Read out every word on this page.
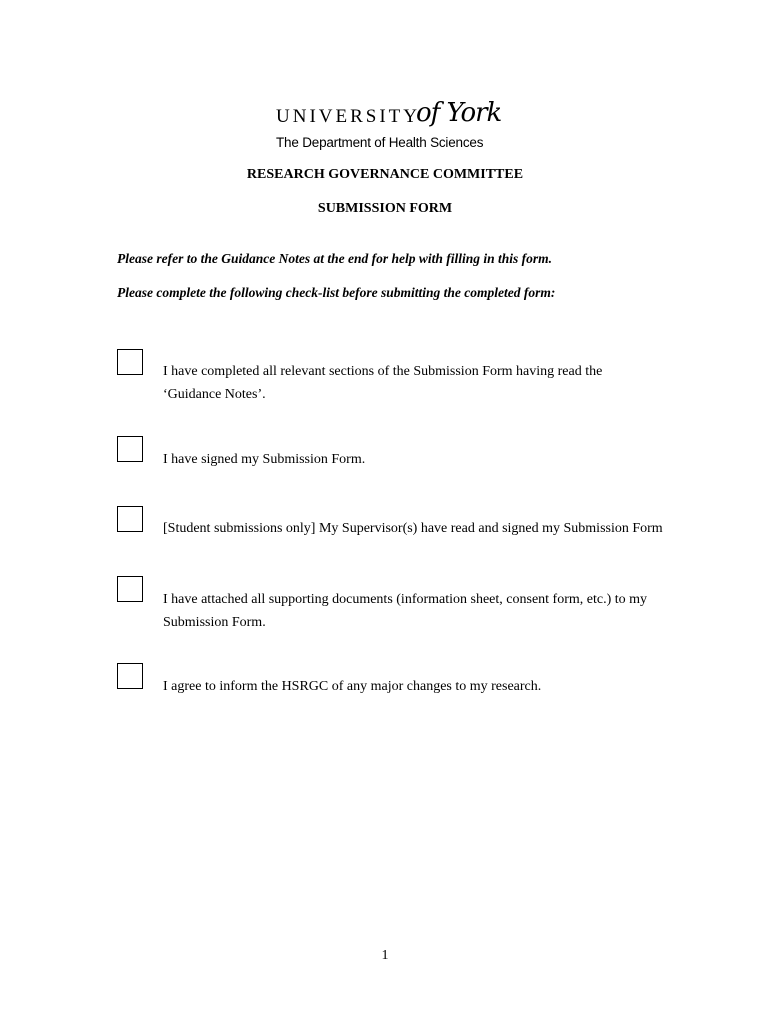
UNIVERSITY
of York
The Department of Health Sciences
RESEARCH GOVERNANCE COMMITTEE
SUBMISSION FORM
Please refer to the Guidance Notes at the end for help with filling in this form.
Please complete the following check-list before submitting the completed form:
I have completed all relevant sections of the Submission Form having read the ‘Guidance Notes’.
I have signed my Submission Form.
[Student submissions only] My Supervisor(s) have read and signed my Submission Form
I have attached all supporting documents (information sheet, consent form, etc.) to my Submission Form.
I agree to inform the HSRGC of any major changes to my research.
1
